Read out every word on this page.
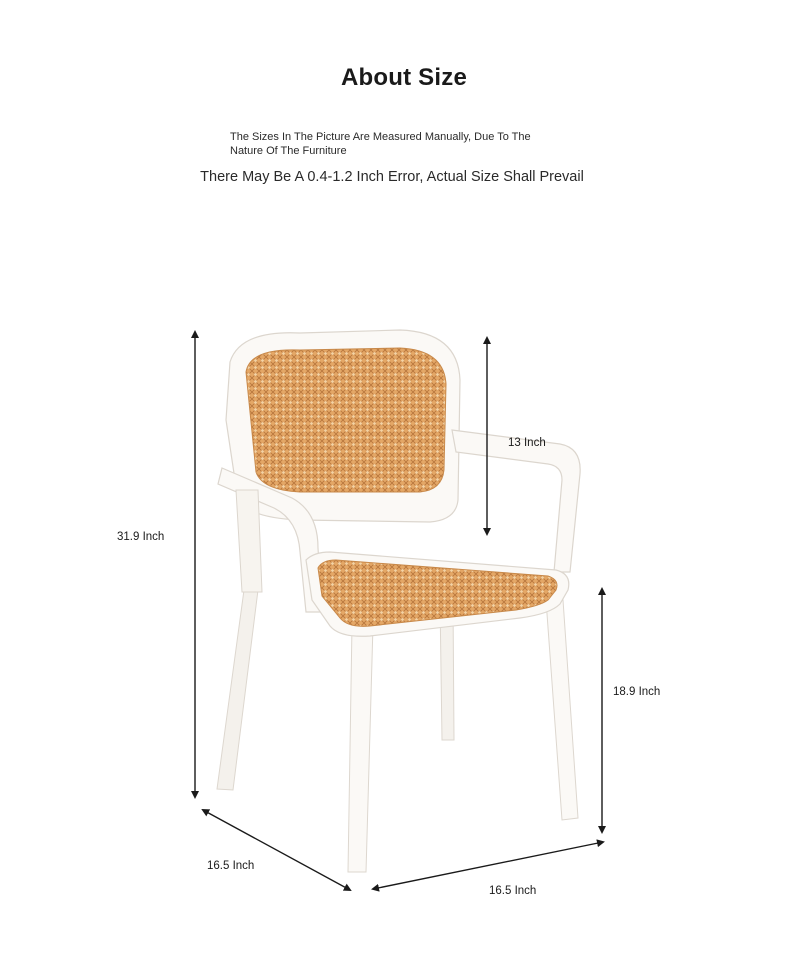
About Size
The Sizes In The Picture Are Measured Manually, Due To The
Nature Of The Furniture
There May Be A 0.4-1.2 Inch Error, Actual Size Shall Prevail
31.9 Inch
13 Inch
18.9 Inch
16.5 Inch
16.5 Inch
